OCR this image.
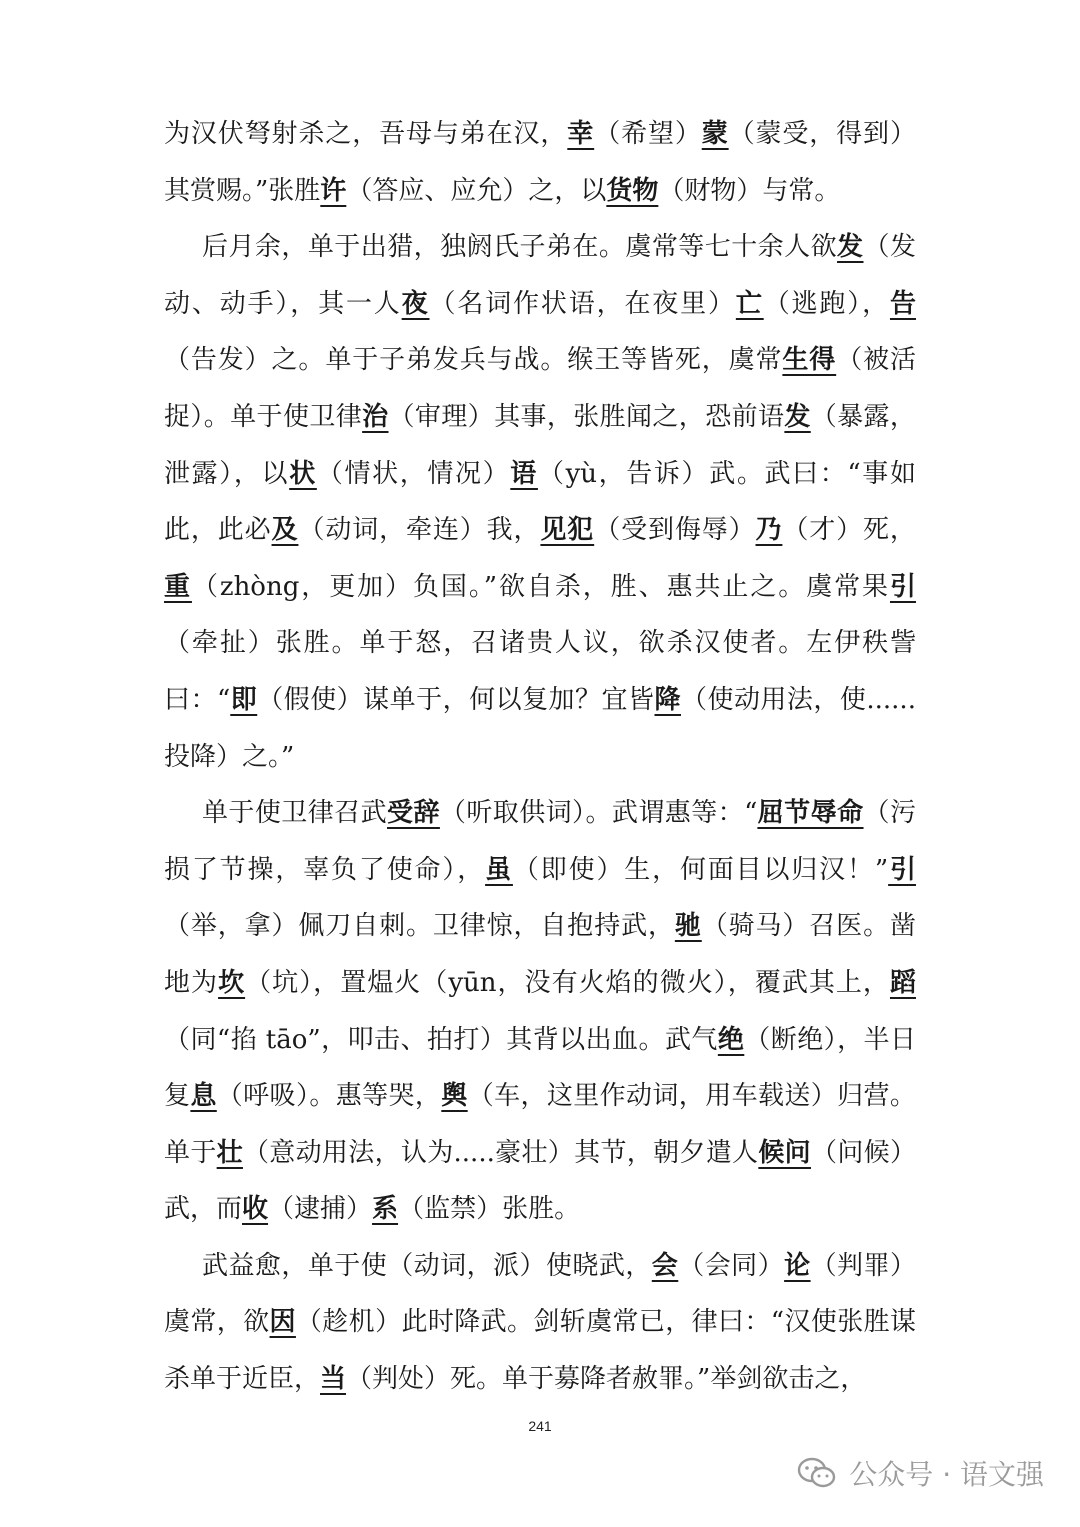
为汉伏弩射杀之，吾母与弟在汉，幸（希望）蒙（蒙受，得到）其赏赐。”张胜许（答应、应允）之，以货物（财物）与常。

后月余，单于出猎，独阏氏子弟在。虞常等七十余人欲发（发动、动手），其一人夜（名词作状语，在夜里）亡（逃跑），告（告发）之。单于子弟发兵与战。缑王等皆死，虞常生得（被活捉）。单于使卫律治（审理）其事，张胜闻之，恐前语发（暴露，泄露），以状（情状，情况）语（yù，告诉）武。武曰：“事如此，此必及（动词，牵连）我，见犯（受到侮辱）乃（才）死，重（zhòng，更加）负国。”欲自杀，胜、惠共止之。虞常果引（牵扯）张胜。单于怒，召诸贵人议，欲杀汉使者。左伊秩訾曰：“即（假使）谋单于，何以复加？宜皆降（使动用法，使......投降）之。”

单于使卫律召武受辞（听取供词）。武谓惠等：“屈节辱命（污损了节操，辜负了使命），虽（即使）生，何面目以归汉！”引（举，拿）佩刀自刺。卫律惊，自抱持武，驰（骑马）召医。凿地为坎（坑），置煴火（yūn，没有火焰的微火），覆武其上，蹈（同“掐 tāo”，叩击、拍打）其背以出血。武气绝（断绝），半日复息（呼吸）。惠等哭，舆（车，这里作动词，用车载送）归营。单于壮（意动用法，认为.....豪壮）其节，朝夕遣人候问（问候）武，而收（逮捕）系（监禁）张胜。

武益愈，单于使（动词，派）使晓武，会（会同）论（判罪）虞常，欲因（趁机）此时降武。剑斩虞常已，律曰：“汉使张胜谋杀单于近臣，当（判处）死。单于募降者赦罪。”举剑欲击之，

241
公众号 · 语文强
